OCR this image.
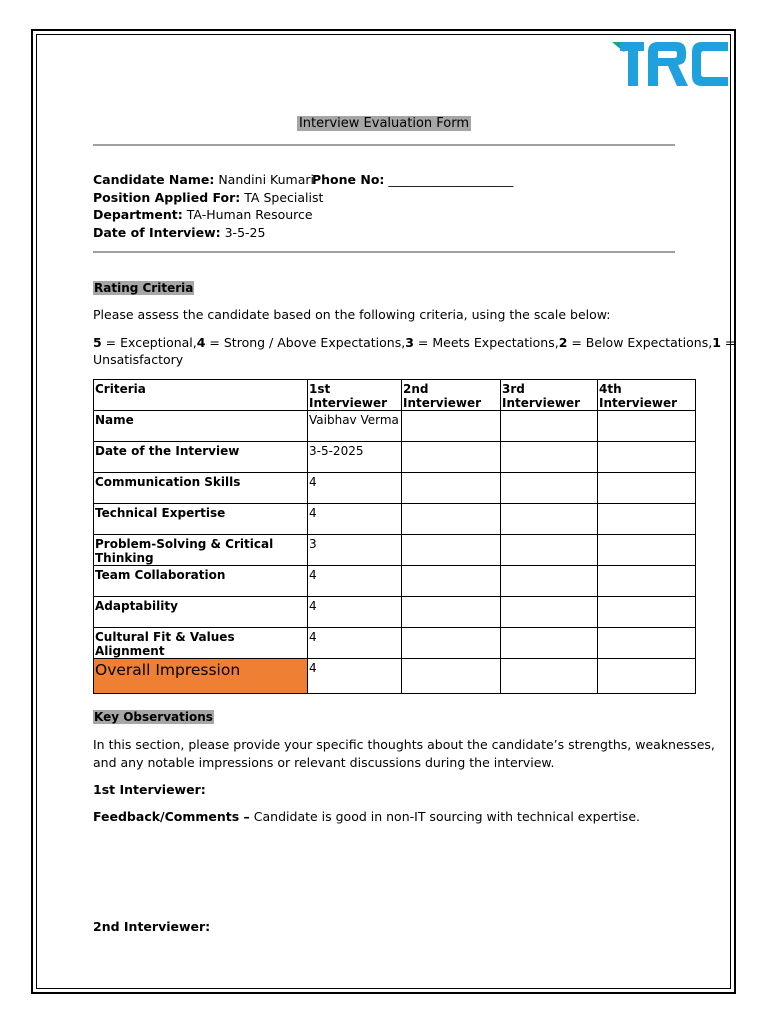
Interview Evaluation Form
Candidate Name: Nandini Kumari
Phone No: ____________________
Position Applied For: TA Specialist
Department: TA-Human Resource
Date of Interview: 3-5-25
Rating Criteria
Please assess the candidate based on the following criteria, using the scale below:
5 = Exceptional,4 = Strong / Above Expectations,3 = Meets Expectations,2 = Below Expectations,1 =
Unsatisfactory
Criteria	1st Interviewer	2nd Interviewer	3rd Interviewer	4th Interviewer
Name	Vaibhav Verma			
Date of the Interview	3-5-2025			
Communication Skills	4			
Technical Expertise	4			
Problem-Solving & Critical Thinking	3			
Team Collaboration	4			
Adaptability	4			
Cultural Fit & Values Alignment	4			
Overall Impression	4			
Key Observations
In this section, please provide your specific thoughts about the candidate’s strengths, weaknesses,
and any notable impressions or relevant discussions during the interview.
1st Interviewer:
Feedback/Comments – Candidate is good in non-IT sourcing with technical expertise.
2nd Interviewer:
